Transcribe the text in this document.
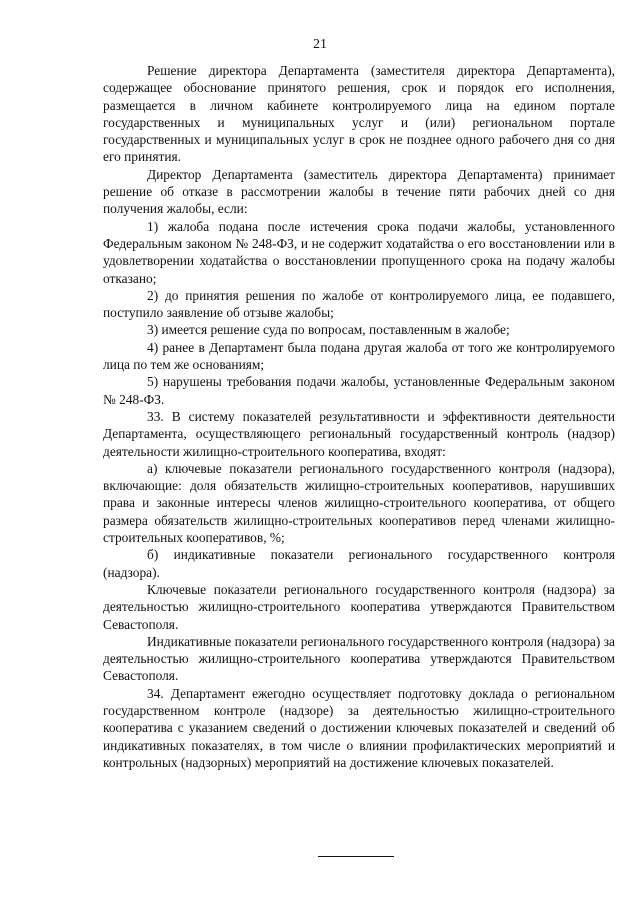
21

Решение директора Департамента (заместителя директора Департамента), содержащее обоснование принятого решения, срок и порядок его исполнения, размещается в личном кабинете контролируемого лица на едином портале государственных и муниципальных услуг и (или) региональном портале государственных и муниципальных услуг в срок не позднее одного рабочего дня со дня его принятия.

Директор Департамента (заместитель директора Департамента) принимает решение об отказе в рассмотрении жалобы в течение пяти рабочих дней со дня получения жалобы, если:

1) жалоба подана после истечения срока подачи жалобы, установленного Федеральным законом № 248-ФЗ, и не содержит ходатайства о его восстановлении или в удовлетворении ходатайства о восстановлении пропущенного срока на подачу жалобы отказано;

2) до принятия решения по жалобе от контролируемого лица, ее подавшего, поступило заявление об отзыве жалобы;

3) имеется решение суда по вопросам, поставленным в жалобе;

4) ранее в Департамент была подана другая жалоба от того же контролируемого лица по тем же основаниям;

5) нарушены требования подачи жалобы, установленные Федеральным законом № 248-ФЗ.

33. В систему показателей результативности и эффективности деятельности Департамента, осуществляющего региональный государственный контроль (надзор) деятельности жилищно-строительного кооператива, входят:

а) ключевые показатели регионального государственного контроля (надзора), включающие: доля обязательств жилищно-строительных кооперативов, нарушивших права и законные интересы членов жилищно-строительного кооператива, от общего размера обязательств жилищно-строительных кооперативов перед членами жилищно-строительных кооперативов, %;

б) индикативные показатели регионального государственного контроля (надзора).

Ключевые показатели регионального государственного контроля (надзора) за деятельностью жилищно-строительного кооператива утверждаются Правительством Севастополя.

Индикативные показатели регионального государственного контроля (надзора) за деятельностью жилищно-строительного кооператива утверждаются Правительством Севастополя.

34. Департамент ежегодно осуществляет подготовку доклада о региональном государственном контроле (надзоре) за деятельностью жилищно-строительного кооператива с указанием сведений о достижении ключевых показателей и сведений об индикативных показателях, в том числе о влиянии профилактических мероприятий и контрольных (надзорных) мероприятий на достижение ключевых показателей.
